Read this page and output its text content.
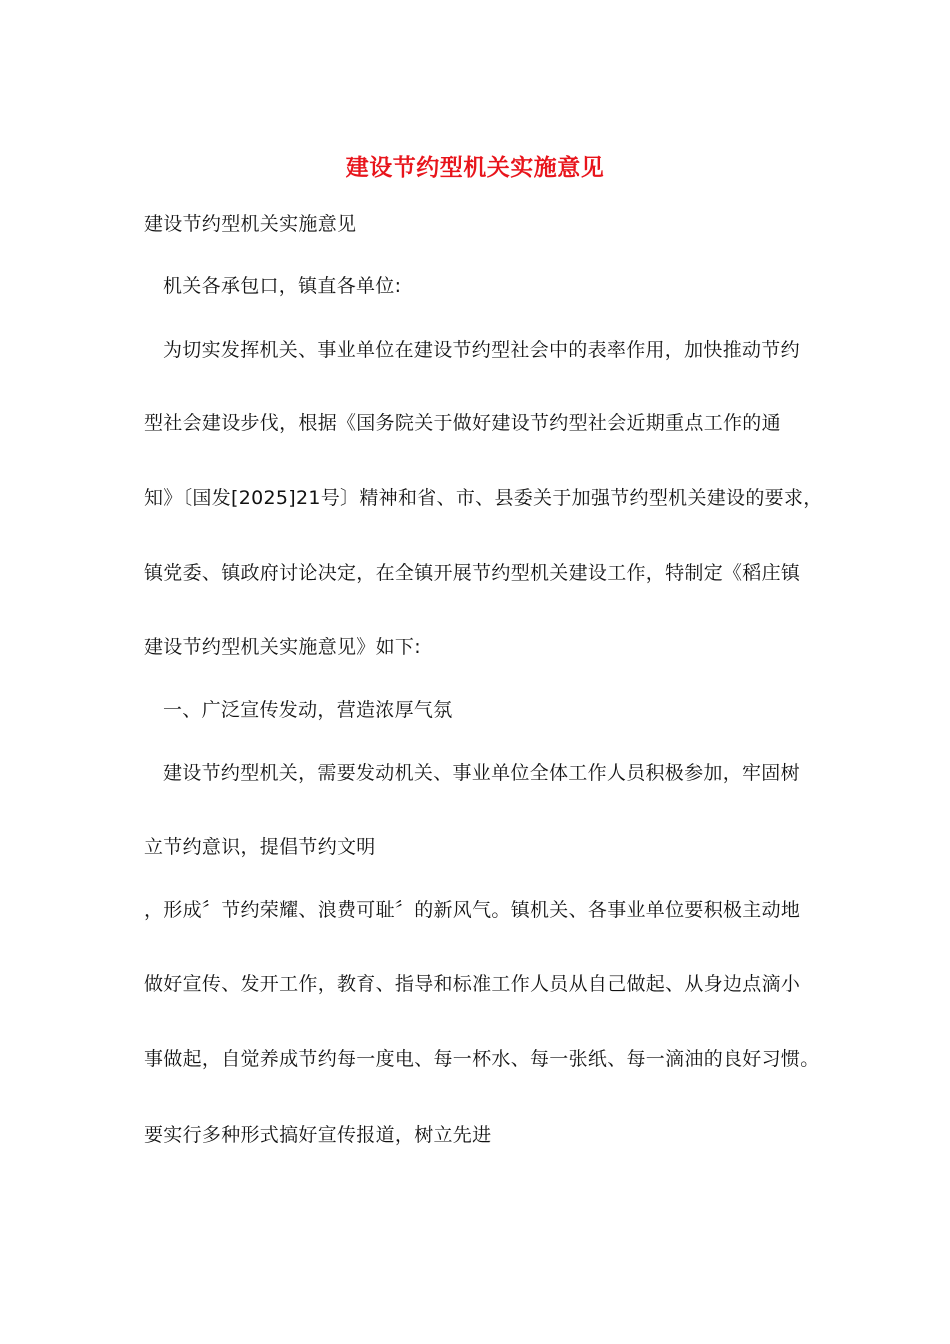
建设节约型机关实施意见
建设节约型机关实施意见
机关各承包口，镇直各单位:
为切实发挥机关、事业单位在建设节约型社会中的表率作用，加快推动节约
型社会建设步伐，根据《国务院关于做好建设节约型社会近期重点工作的通
知》〔国发[2025]21号〕精神和省、市、县委关于加强节约型机关建设的要求，
镇党委、镇政府讨论决定，在全镇开展节约型机关建设工作，特制定《稻庄镇
建设节约型机关实施意见》如下:
一、广泛宣传发动，营造浓厚气氛
建设节约型机关，需要发动机关、事业单位全体工作人员积极参加，牢固树
立节约意识，提倡节约文明
，形成〞节约荣耀、浪费可耻〞的新风气。镇机关、各事业单位要积极主动地
做好宣传、发开工作，教育、指导和标准工作人员从自己做起、从身边点滴小
事做起，自觉养成节约每一度电、每一杯水、每一张纸、每一滴油的良好习惯。
要实行多种形式搞好宣传报道，树立先进
